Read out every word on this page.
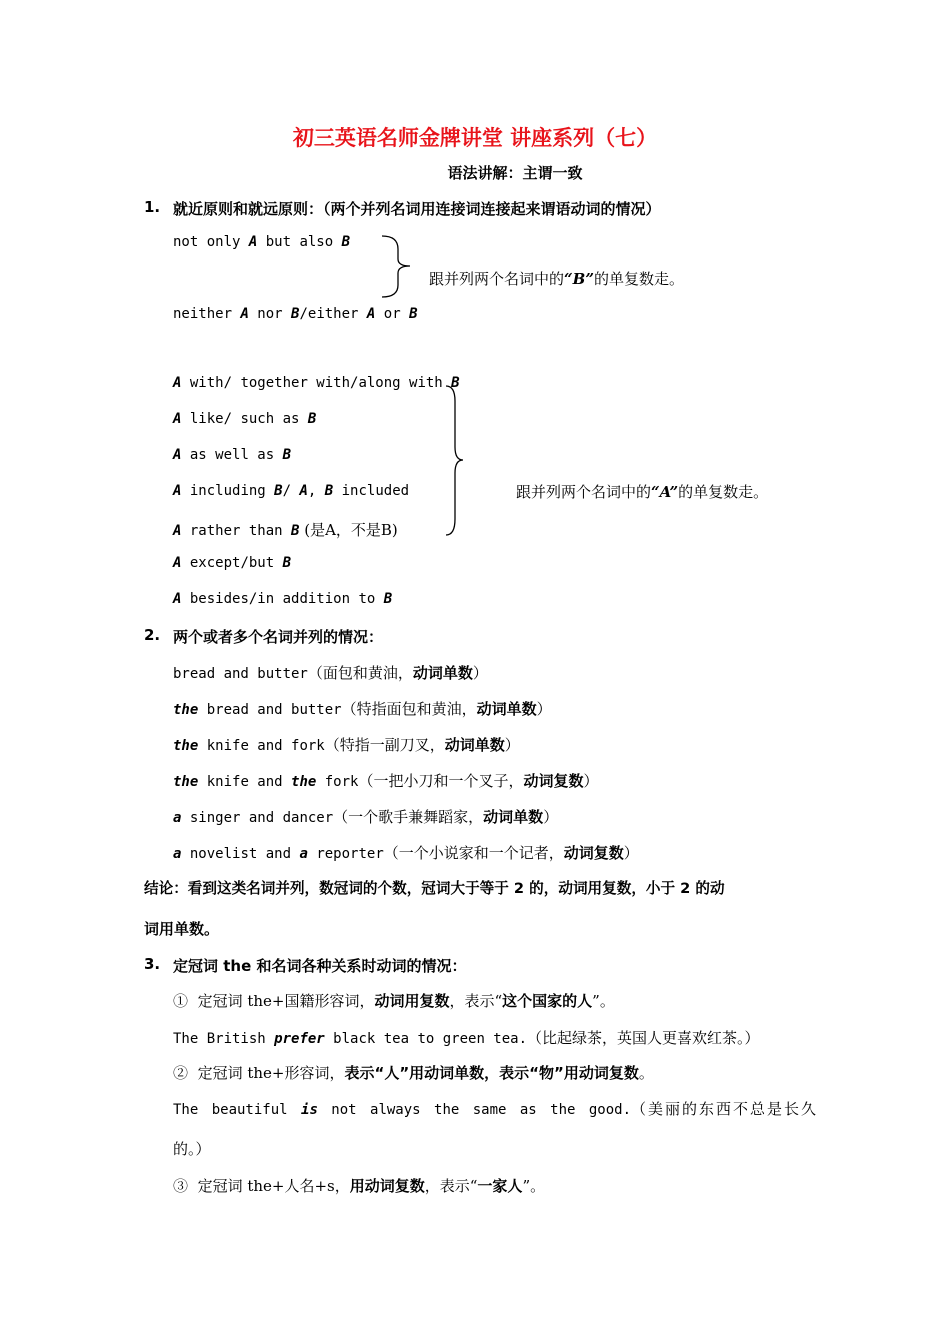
初三英语名师金牌讲堂 讲座系列（七）
语法讲解：主谓一致
1. 就近原则和就远原则：（两个并列名词用连接词连接起来谓语动词的情况）
not only A but also B
neither A nor B/either A or B
跟并列两个名词中的“B”的单复数走。
A with/ together with/along with B
A like/ such as B
A as well as B
A including B/ A, B included
A rather than B (是A，不是B)
A except/but B
A besides/in addition to B
跟并列两个名词中的“A”的单复数走。
2. 两个或者多个名词并列的情况：
bread and butter（面包和黄油，动词单数）
the bread and butter（特指面包和黄油，动词单数）
the knife and fork（特指一副刀叉，动词单数）
the knife and the fork（一把小刀和一个叉子，动词复数）
a singer and dancer（一个歌手兼舞蹈家，动词单数）
a novelist and a reporter（一个小说家和一个记者，动词复数）
结论：看到这类名词并列，数冠词的个数，冠词大于等于 2 的，动词用复数，小于 2 的动
词用单数。
3. 定冠词 the 和名词各种关系时动词的情况：
① 定冠词 the+国籍形容词，动词用复数，表示“这个国家的人”。
The British prefer black tea to green tea.（比起绿茶，英国人更喜欢红茶。）
② 定冠词 the+形容词，表示“人”用动词单数，表示“物”用动词复数。
The beautiful is not always the same as the good.（美丽的东西不总是长久
的。）
③ 定冠词 the+人名+s，用动词复数，表示“一家人”。
